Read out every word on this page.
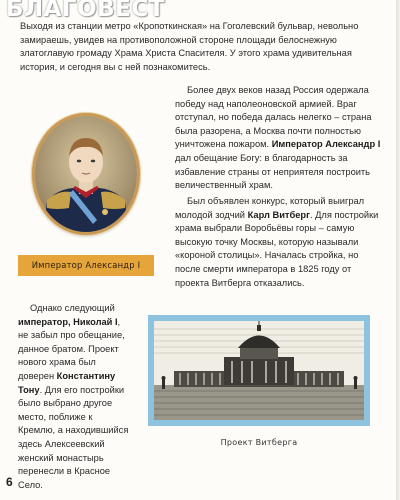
БЛАГОВЕСТ

Выходя из станции метро «Кропоткинская» на Гоголевский бульвар, невольно замираешь, увидев на противоположной стороне площади белоснежную златоглавую громаду Храма Христа Спасителя. У этого храма удивительная история, и сегодня вы с ней познакомитесь.

Более двух веков назад Россия одержала победу над наполеоновской армией. Враг отступал, но победа далась нелегко – страна была разорена, а Москва почти полностью уничтожена пожаром. Император Александр I дал обещание Богу: в благодарность за избавление страны от неприятеля построить величественный храм.

Был объявлен конкурс, который выиграл молодой зодчий Карл Витберг. Для постройки храма выбрали Воробьёвы горы – самую высокую точку Москвы, которую называли «короной столицы». Началась стройка, но после смерти императора в 1825 году от проекта Витберга отказались.

Император Александр I

Однако следующий император, Николай I, не забыл про обещание, данное братом. Проект нового храма был доверен Константину Тону. Для его постройки было выбрано другое место, поближе к Кремлю, а находившийся здесь Алексеевский женский монастырь перенесли в Красное Село.

Проект Витберга
6
